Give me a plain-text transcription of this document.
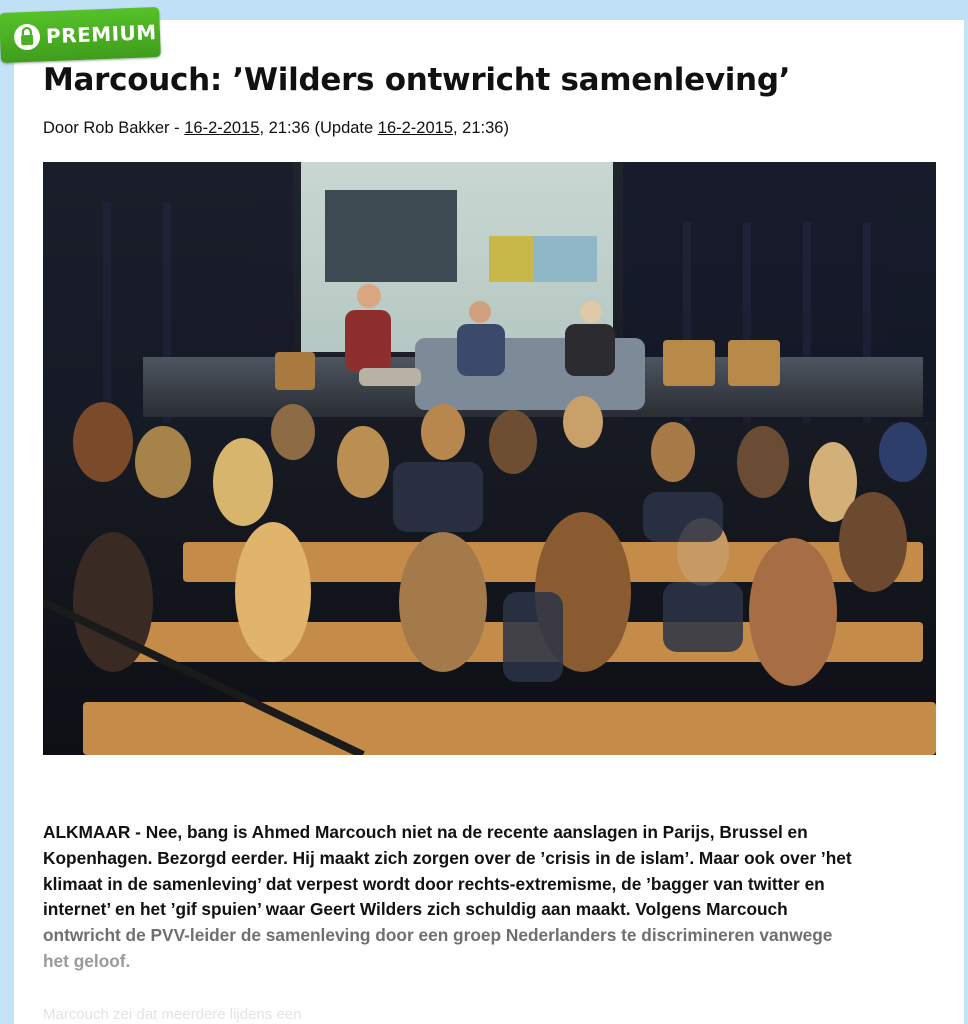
PREMIUM
Marcouch: ’Wilders ontwricht samenleving’
Door Rob Bakker - 16-2-2015, 21:36 (Update 16-2-2015, 21:36)

ALKMAAR - Nee, bang is Ahmed Marcouch niet na de recente aanslagen in Parijs, Brussel en
Kopenhagen. Bezorgd eerder. Hij maakt zich zorgen over de ’crisis in de islam’. Maar ook over ’het
klimaat in de samenleving’ dat verpest wordt door rechts-extremisme, de ’bagger van twitter en
internet’ en het ’gif spuien’ waar Geert Wilders zich schuldig aan maakt. Volgens Marcouch
ontwricht de PVV-leider de samenleving door een groep Nederlanders te discrimineren vanwege
het geloof.

Marcouch zei dat meerdere lijdens een
